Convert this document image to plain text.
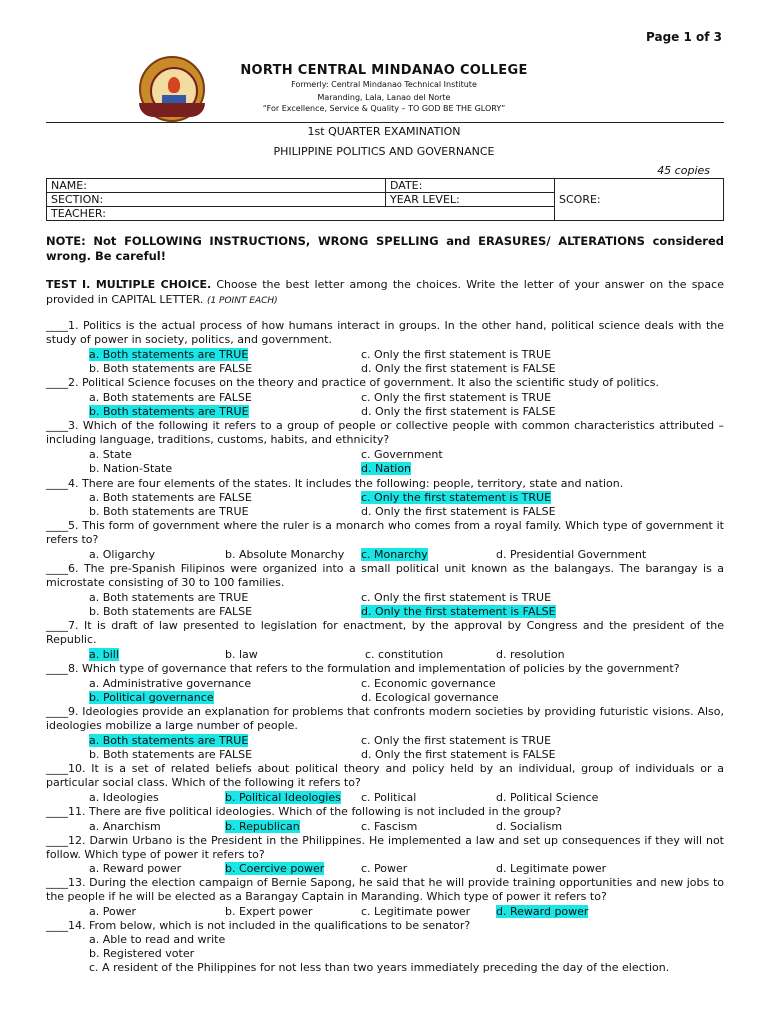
Page 1 of 3
NORTH CENTRAL MINDANAO COLLEGE
Formerly: Central Mindanao Technical Institute
Maranding, Lala, Lanao del Norte
“For Excellence, Service & Quality – TO GOD BE THE GLORY”
1st QUARTER EXAMINATION
PHILIPPINE POLITICS AND GOVERNANCE
45 copies
NAME:	DATE:	SCORE:
SECTION:	YEAR LEVEL:	
TEACHER:		
NOTE: Not FOLLOWING INSTRUCTIONS, WRONG SPELLING and ERASURES/ ALTERATIONS considered wrong. Be careful!
TEST I. MULTIPLE CHOICE. Choose the best letter among the choices. Write the letter of your answer on the space provided in CAPITAL LETTER. (1 POINT EACH)
____1. Politics is the actual process of how humans interact in groups. In the other hand, political science deals with the study of power in society, politics, and government.
a. Both statements are TRUE	c. Only the first statement is TRUE
b. Both statements are FALSE	d. Only the first statement is FALSE
____2. Political Science focuses on the theory and practice of government. It also the scientific study of politics.
a. Both statements are FALSE	c. Only the first statement is TRUE
b. Both statements are TRUE	d. Only the first statement is FALSE
____3. Which of the following it refers to a group of people or collective people with common characteristics attributed – including language, traditions, customs, habits, and ethnicity?
a. State	c. Government
b. Nation-State	d. Nation
____4. There are four elements of the states. It includes the following: people, territory, state and nation.
a. Both statements are FALSE	c. Only the first statement is TRUE
b. Both statements are TRUE	d. Only the first statement is FALSE
____5. This form of government where the ruler is a monarch who comes from a royal family. Which type of government it refers to?
a. Oligarchy	b. Absolute Monarchy c. Monarchy	d. Presidential Government
____6. The pre-Spanish Filipinos were organized into a small political unit known as the balangays. The barangay is a microstate consisting of 30 to 100 families.
a. Both statements are TRUE	c. Only the first statement is TRUE
b. Both statements are FALSE	d. Only the first statement is FALSE
____7. It is draft of law presented to legislation for enactment, by the approval by Congress and the president of the Republic.
a. bill	b. law	c. constitution	d. resolution
____8. Which type of governance that refers to the formulation and implementation of policies by the government?
a. Administrative governance	c. Economic governance
b. Political governance	d. Ecological governance
____9. Ideologies provide an explanation for problems that confronts modern societies by providing futuristic visions. Also, ideologies mobilize a large number of people.
a. Both statements are TRUE	c. Only the first statement is TRUE
b. Both statements are FALSE	d. Only the first statement is FALSE
____10. It is a set of related beliefs about political theory and policy held by an individual, group of individuals or a particular social class. Which of the following it refers to?
a. Ideologies	b. Political Ideologies c. Political	d. Political Science
____11. There are five political ideologies. Which of the following is not included in the group?
a. Anarchism	b. Republican	c. Fascism	d. Socialism
____12. Darwin Urbano is the President in the Philippines. He implemented a law and set up consequences if they will not follow. Which type of power it refers to?
a. Reward power	b. Coercive power	c. Power	d. Legitimate power
____13. During the election campaign of Bernie Sapong, he said that he will provide training opportunities and new jobs to the people if he will be elected as a Barangay Captain in Maranding. Which type of power it refers to?
a. Power	b. Expert power	c. Legitimate power d. Reward power
____14. From below, which is not included in the qualifications to be senator?
a. Able to read and write
b. Registered voter
c. A resident of the Philippines for not less than two years immediately preceding the day of the election.
